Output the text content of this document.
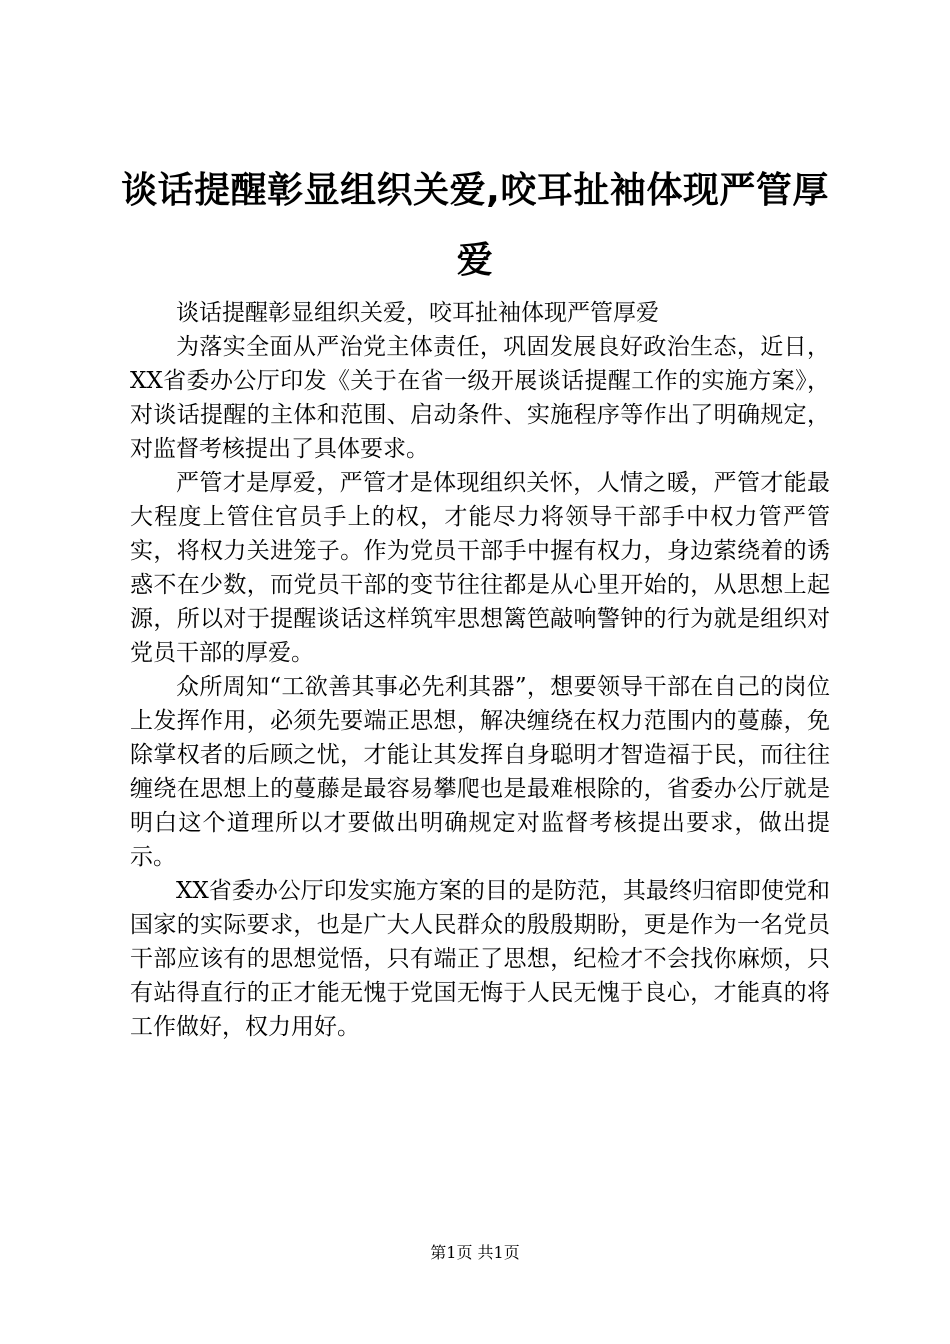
谈话提醒彰显组织关爱,咬耳扯袖体现严管厚爱

谈话提醒彰显组织关爱，咬耳扯袖体现严管厚爱

为落实全面从严治党主体责任，巩固发展良好政治生态，近日，XX省委办公厅印发《关于在省一级开展谈话提醒工作的实施方案》，对谈话提醒的主体和范围、启动条件、实施程序等作出了明确规定，对监督考核提出了具体要求。

严管才是厚爱，严管才是体现组织关怀，人情之暖，严管才能最大程度上管住官员手上的权，才能尽力将领导干部手中权力管严管实，将权力关进笼子。作为党员干部手中握有权力，身边萦绕着的诱惑不在少数，而党员干部的变节往往都是从心里开始的，从思想上起源，所以对于提醒谈话这样筑牢思想篱笆敲响警钟的行为就是组织对党员干部的厚爱。

众所周知“工欲善其事必先利其器”，想要领导干部在自己的岗位上发挥作用，必须先要端正思想，解决缠绕在权力范围内的蔓藤，免除掌权者的后顾之忧，才能让其发挥自身聪明才智造福于民，而往往缠绕在思想上的蔓藤是最容易攀爬也是最难根除的，省委办公厅就是明白这个道理所以才要做出明确规定对监督考核提出要求，做出提示。

XX省委办公厅印发实施方案的目的是防范，其最终归宿即使党和国家的实际要求，也是广大人民群众的殷殷期盼，更是作为一名党员干部应该有的思想觉悟，只有端正了思想，纪检才不会找你麻烦，只有站得直行的正才能无愧于党国无悔于人民无愧于良心，才能真的将工作做好，权力用好。

第1页 共1页
